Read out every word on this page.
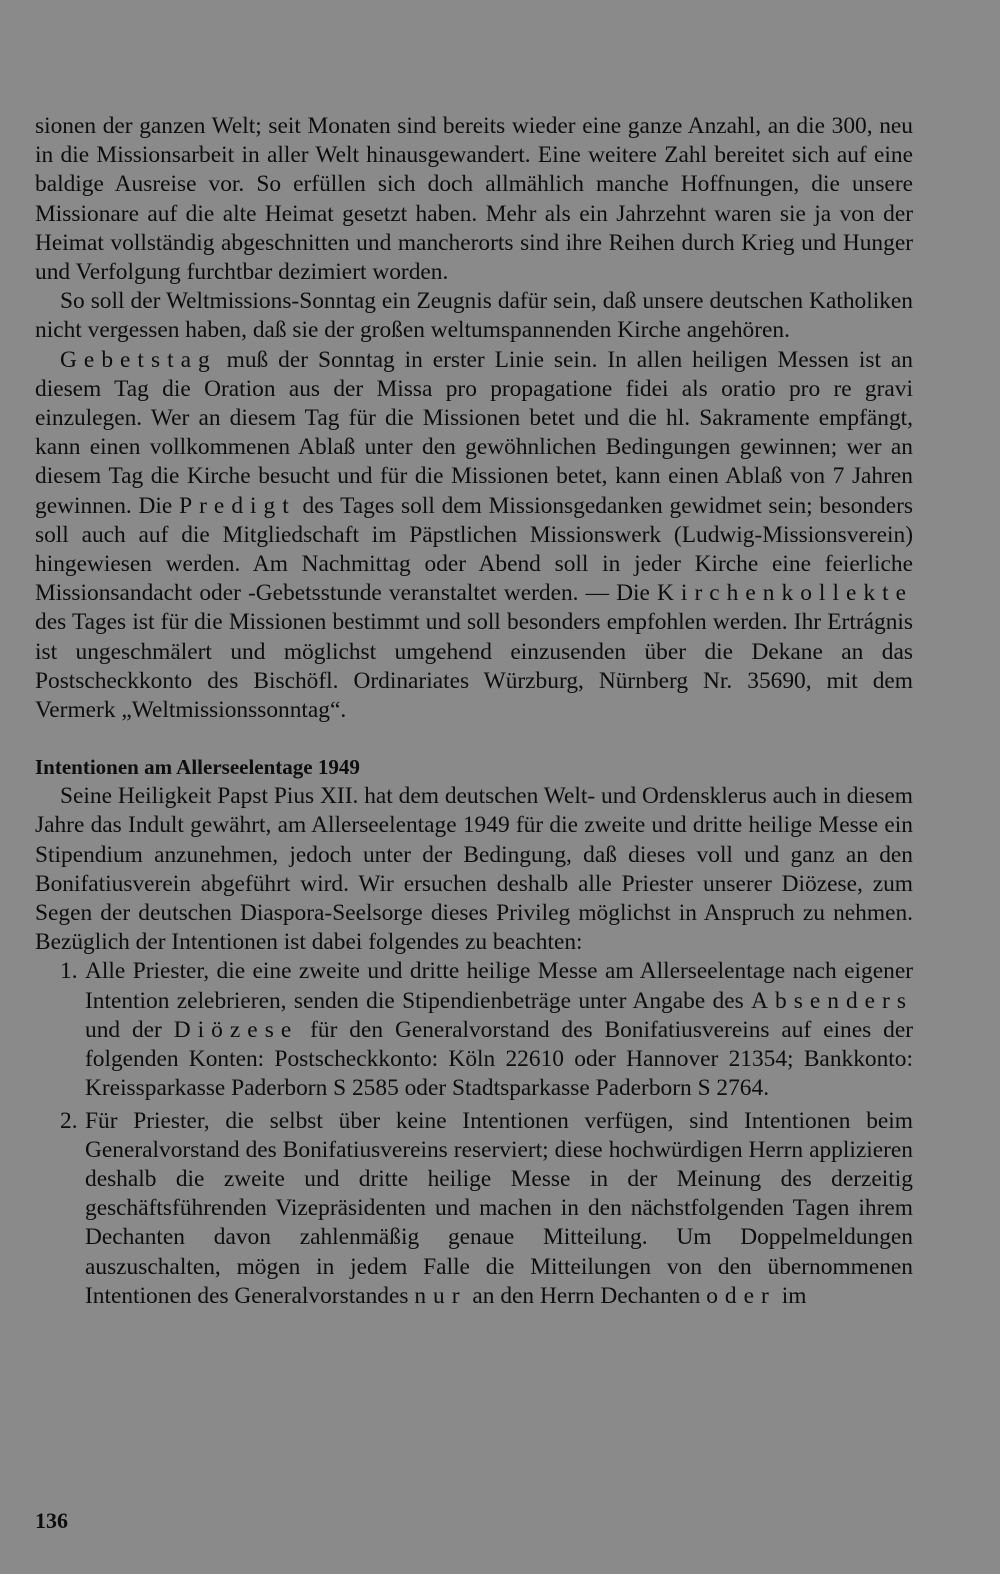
sionen der ganzen Welt; seit Monaten sind bereits wieder eine ganze Anzahl, an die 300, neu in die Missionsarbeit in aller Welt hinausgewandert. Eine weitere Zahl bereitet sich auf eine baldige Ausreise vor. So erfüllen sich doch allmählich manche Hoffnungen, die unsere Missionare auf die alte Heimat gesetzt haben. Mehr als ein Jahrzehnt waren sie ja von der Heimat vollständig abgeschnitten und mancherorts sind ihre Reihen durch Krieg und Hunger und Verfolgung furchtbar dezimiert worden.

So soll der Weltmissions-Sonntag ein Zeugnis dafür sein, daß unsere deutschen Katholiken nicht vergessen haben, daß sie der großen weltumspannenden Kirche angehören.

Gebetstag muß der Sonntag in erster Linie sein. In allen heiligen Messen ist an diesem Tag die Oration aus der Missa pro propagatione fidei als oratio pro re gravi einzulegen. Wer an diesem Tag für die Missionen betet und die hl. Sakramente empfängt, kann einen vollkommenen Ablaß unter den gewöhnlichen Bedingungen gewinnen; wer an diesem Tag die Kirche besucht und für die Missionen betet, kann einen Ablaß von 7 Jahren gewinnen. Die Predigt des Tages soll dem Missionsgedanken gewidmet sein; besonders soll auch auf die Mitgliedschaft im Päpstlichen Missionswerk (Ludwig-Missionsverein) hingewiesen werden. Am Nachmittag oder Abend soll in jeder Kirche eine feierliche Missionsandacht oder -Gebetsstunde veranstaltet werden. — Die Kirchenkollekte des Tages ist für die Missionen bestimmt und soll besonders empfohlen werden. Ihr Ertrágnis ist ungeschmälert und möglichst umgehend einzusenden über die Dekane an das Postscheckkonto des Bischöfl. Ordinariates Würzburg, Nürnberg Nr. 35690, mit dem Vermerk „Weltmissionssonntag“.

Intentionen am Allerseelentage 1949

Seine Heiligkeit Papst Pius XII. hat dem deutschen Welt- und Ordensklerus auch in diesem Jahre das Indult gewährt, am Allerseelentage 1949 für die zweite und dritte heilige Messe ein Stipendium anzunehmen, jedoch unter der Bedingung, daß dieses voll und ganz an den Bonifatiusverein abgeführt wird. Wir ersuchen deshalb alle Priester unserer Diözese, zum Segen der deutschen Diaspora-Seelsorge dieses Privileg möglichst in Anspruch zu nehmen. Bezüglich der Intentionen ist dabei folgendes zu beachten:

1. Alle Priester, die eine zweite und dritte heilige Messe am Allerseelentage nach eigener Intention zelebrieren, senden die Stipendienbeträge unter Angabe des Absenders und der Diözese für den Generalvorstand des Bonifatiusvereins auf eines der folgenden Konten: Postscheckkonto: Köln 22610 oder Hannover 21354; Bankkonto: Kreissparkasse Paderborn S 2585 oder Stadtsparkasse Paderborn S 2764.
2. Für Priester, die selbst über keine Intentionen verfügen, sind Intentionen beim Generalvorstand des Bonifatiusvereins reserviert; diese hochwürdigen Herrn applizieren deshalb die zweite und dritte heilige Messe in der Meinung des derzeitig geschäftsführenden Vizepräsidenten und machen in den nächstfolgenden Tagen ihrem Dechanten davon zahlenmäßig genaue Mitteilung. Um Doppelmeldungen auszuschalten, mögen in jedem Falle die Mitteilungen von den übernommenen Intentionen des Generalvorstandes nur an den Herrn Dechanten oder im
136
